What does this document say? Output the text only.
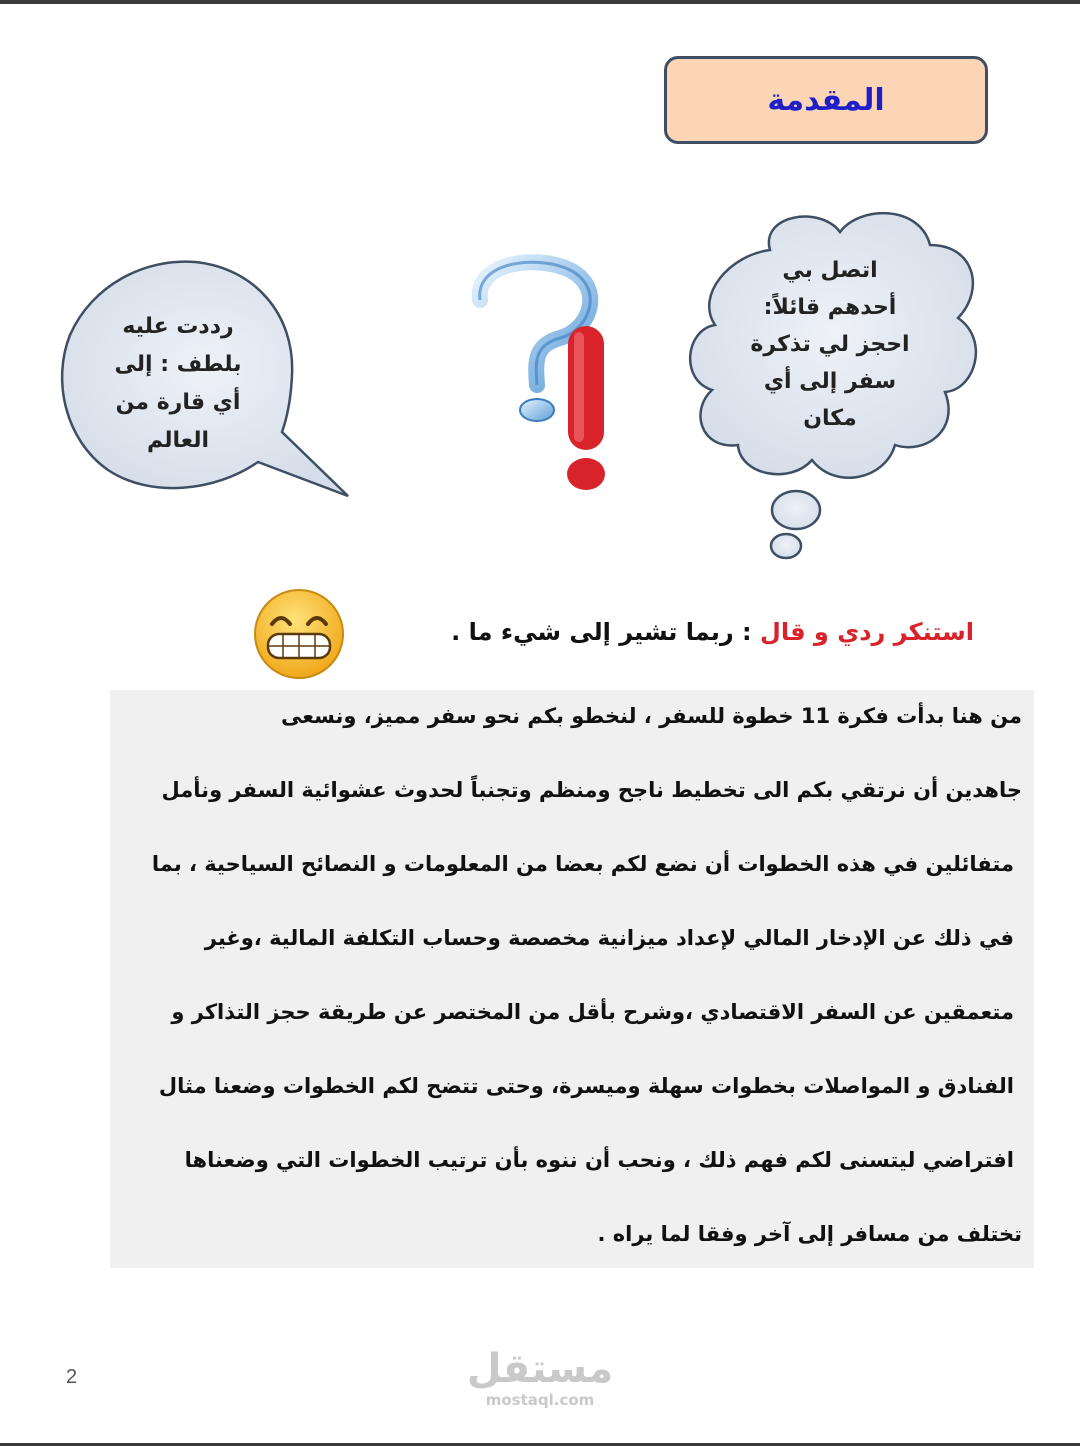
المقدمة
اتصل بي
أحدهم قائلاً:
احجز لي تذكرة
سفر إلى أي
مكان
رددت عليه
بلطف : إلى
أي قارة من
العالم
استنكر ردي و قال : ربما تشير إلى شيء ما .
من هنا بدأت فكرة 11 خطوة للسفر ، لنخطو بكم نحو سفر مميز، ونسعى
جاهدين أن نرتقي بكم الى تخطيط ناجح ومنظم وتجنباً لحدوث عشوائية السفر ونأمل
متفائلين في هذه الخطوات أن نضع لكم بعضا من المعلومات و النصائح السياحية ، بما
في ذلك عن الإدخار المالي لإعداد ميزانية مخصصة وحساب التكلفة المالية ،وغير
متعمقين عن السفر الاقتصادي ،وشرح بأقل من المختصر عن طريقة حجز التذاكر و
الفنادق و المواصلات بخطوات سهلة وميسرة، وحتى تتضح لكم الخطوات وضعنا مثال
افتراضي ليتسنى لكم فهم ذلك ، ونحب أن ننوه بأن ترتيب الخطوات التي وضعناها
تختلف من مسافر إلى آخر وفقا لما يراه .
2	مستقل
mostaql.com
